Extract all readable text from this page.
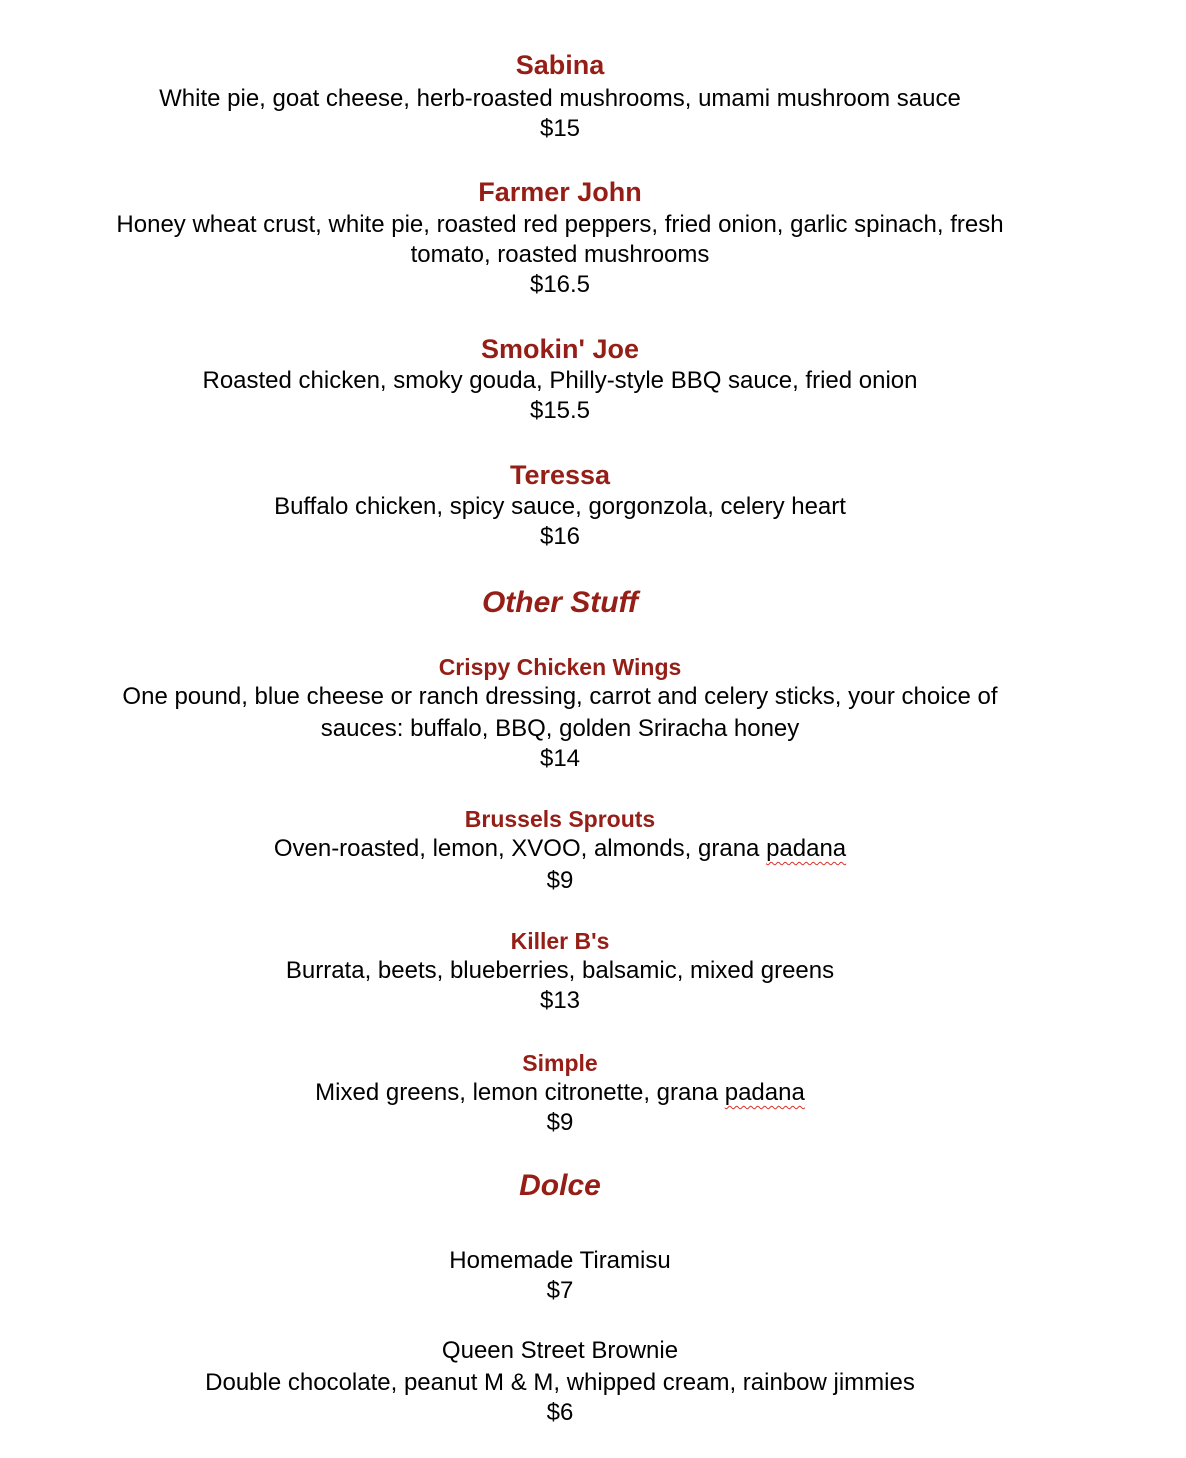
Sabina
White pie, goat cheese, herb-roasted mushrooms, umami mushroom sauce
$15
Farmer John
Honey wheat crust, white pie, roasted red peppers, fried onion, garlic spinach, fresh
tomato, roasted mushrooms
$16.5
Smokin' Joe
Roasted chicken, smoky gouda, Philly-style BBQ sauce, fried onion
$15.5
Teressa
Buffalo chicken, spicy sauce, gorgonzola, celery heart
$16
Other Stuff
Crispy Chicken Wings
One pound, blue cheese or ranch dressing, carrot and celery sticks, your choice of
sauces: buffalo, BBQ, golden Sriracha honey
$14
Brussels Sprouts
Oven-roasted, lemon, XVOO, almonds, grana padana
$9
Killer B's
Burrata, beets, blueberries, balsamic, mixed greens
$13
Simple
Mixed greens, lemon citronette, grana padana
$9
Dolce
Homemade Tiramisu
$7
Queen Street Brownie
Double chocolate, peanut M & M, whipped cream, rainbow jimmies
$6
